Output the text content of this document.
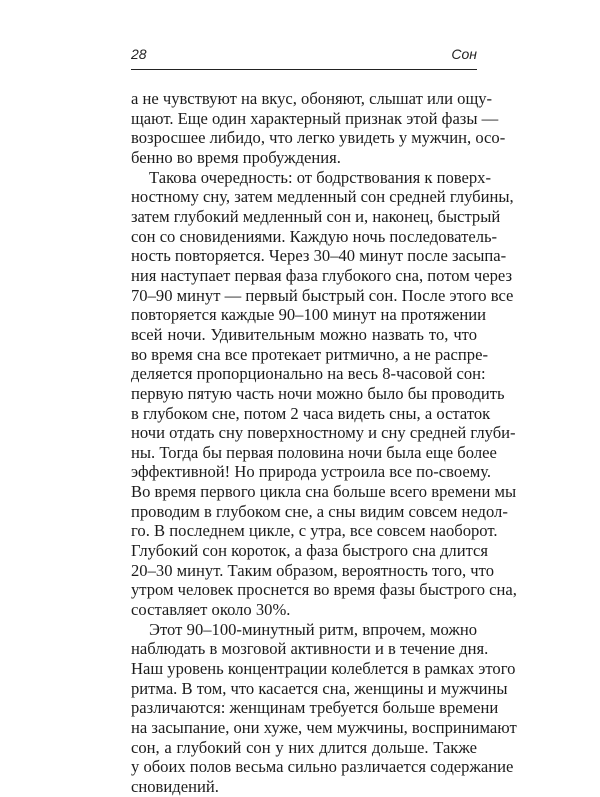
28	Сон
а не чувствуют на вкус, обоняют, слышат или ощу-
щают. Еще один характерный признак этой фазы —
возросшее либидо, что легко увидеть у мужчин, осо-
бенно во время пробуждения.
Такова очередность: от бодрствования к поверх-
ностному сну, затем медленный сон средней глубины,
затем глубокий медленный сон и, наконец, быстрый
сон со сновидениями. Каждую ночь последователь-
ность повторяется. Через 30–40 минут после засыпа-
ния наступает первая фаза глубокого сна, потом через
70–90 минут — первый быстрый сон. После этого все
повторяется каждые 90–100 минут на протяжении
всей ночи. Удивительным можно назвать то, что
во время сна все протекает ритмично, а не распре-
деляется пропорционально на весь 8-часовой сон:
первую пятую часть ночи можно было бы проводить
в глубоком сне, потом 2 часа видеть сны, а остаток
ночи отдать сну поверхностному и сну средней глуби-
ны. Тогда бы первая половина ночи была еще более
эффективной! Но природа устроила все по-своему.
Во время первого цикла сна больше всего времени мы
проводим в глубоком сне, а сны видим совсем недол-
го. В последнем цикле, с утра, все совсем наоборот.
Глубокий сон короток, а фаза быстрого сна длится
20–30 минут. Таким образом, вероятность того, что
утром человек проснется во время фазы быстрого сна,
составляет около 30%.
Этот 90–100-минутный ритм, впрочем, можно
наблюдать в мозговой активности и в течение дня.
Наш уровень концентрации колеблется в рамках этого
ритма. В том, что касается сна, женщины и мужчины
различаются: женщинам требуется больше времени
на засыпание, они хуже, чем мужчины, воспринимают
сон, а глубокий сон у них длится дольше. Также
у обоих полов весьма сильно различается содержание
сновидений.
